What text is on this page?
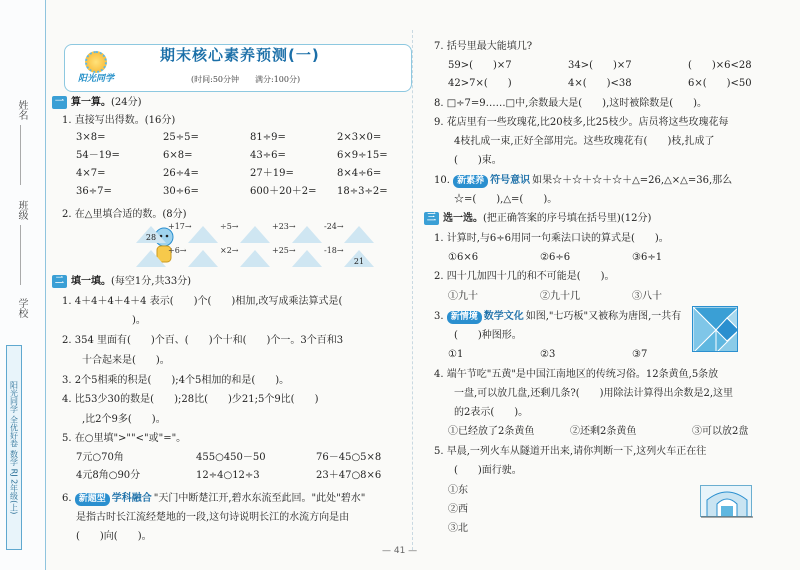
姓名
班级
学校
阳光同学 全优好卷 数学 RJ 2年级(上)
阳光同学
期末核心素养预测(一)
(时间:50分钟　　满分:100分)
一 算一算。 (24分)
1. 直接写出得数。(16分)
3×8=	25÷5=	81÷9=	2×3×0=
54－19=	6×8=	43÷6=	6×9÷15=
4×7=	26÷4=	27＋19=	8×4÷6=
36÷7=	30÷6=	600＋20＋2=	18÷3÷2=
2. 在△里填合适的数。(8分)
28
+17→	÷5→	+23→	-24→
÷6→	×2→	+25→	-18→
21
二 填一填。 (每空1分,共33分)
1. 4＋4＋4＋4＋4 表示(　　)个(　　)相加,改写成乘法算式是(
　　　　　　　)。
2. 354 里面有(　　)个百、(　　)个十和(　　)个一。3个百和3
　　十合起来是(　　)。
3. 2个5相乘的积是(　　);4个5相加的和是(　　)。
4. 比53少30的数是(　　);28比(　　)少21;5个9比(　　)
　　,比2个9多(　　)。
5. 在○里填">""<"或"="。
7元○70角	455○450－50	76－45○5×8
4元8角○90分	12÷4○12÷3	23＋47○8×6
6. 新题型 学科融合 "天门中断楚江开,碧水东流至此回。"此处"碧水"
是指古时长江流经楚地的一段,这句诗说明长江的水流方向是由
(　　)向(　　)。
7. 括号里最大能填几?
59>(　　)×7	34>(　　)×7	(　　)×6<28
42>7×(　　)	4×(　　)<38	6×(　　)<50
8. □÷7=9……□中,余数最大是(　　),这时被除数是(　　)。
9. 花店里有一些玫瑰花,比20枝多,比25枝少。店员将这些玫瑰花每
　　4枝扎成一束,正好全部用完。这些玫瑰花有(　　)枝,扎成了
　　(　　)束。
10. 新素养 符号意识 如果☆＋☆＋☆＋☆＋△=26,△×△=36,那么
　　☆=(　　),△=(　　)。
三 选一选。 (把正确答案的序号填在括号里)(12分)
1. 计算时,与6÷6用同一句乘法口诀的算式是(　　)。
①6×6	②6÷6	③6÷1
2. 四十几加四十几的和不可能是(　　)。
①九十	②九十几	③八十
3. 新情境 数学文化 如图,"七巧板"又被称为唐图,一共有
　　(　　)种图形。
①1	②3	③7
4. 端午节吃"五黄"是中国江南地区的传统习俗。12条黄鱼,5条放
　　一盘,可以放几盘,还剩几条?(　　)用除法计算得出余数是2,这里
　　的2表示(　　)。
①已经放了2条黄鱼	②还剩2条黄鱼	③可以放2盘
5. 早晨,一列火车从隧道开出来,请你判断一下,这列火车正在往
　　(　　)面行驶。
①东
②西
③北
— 41 —
